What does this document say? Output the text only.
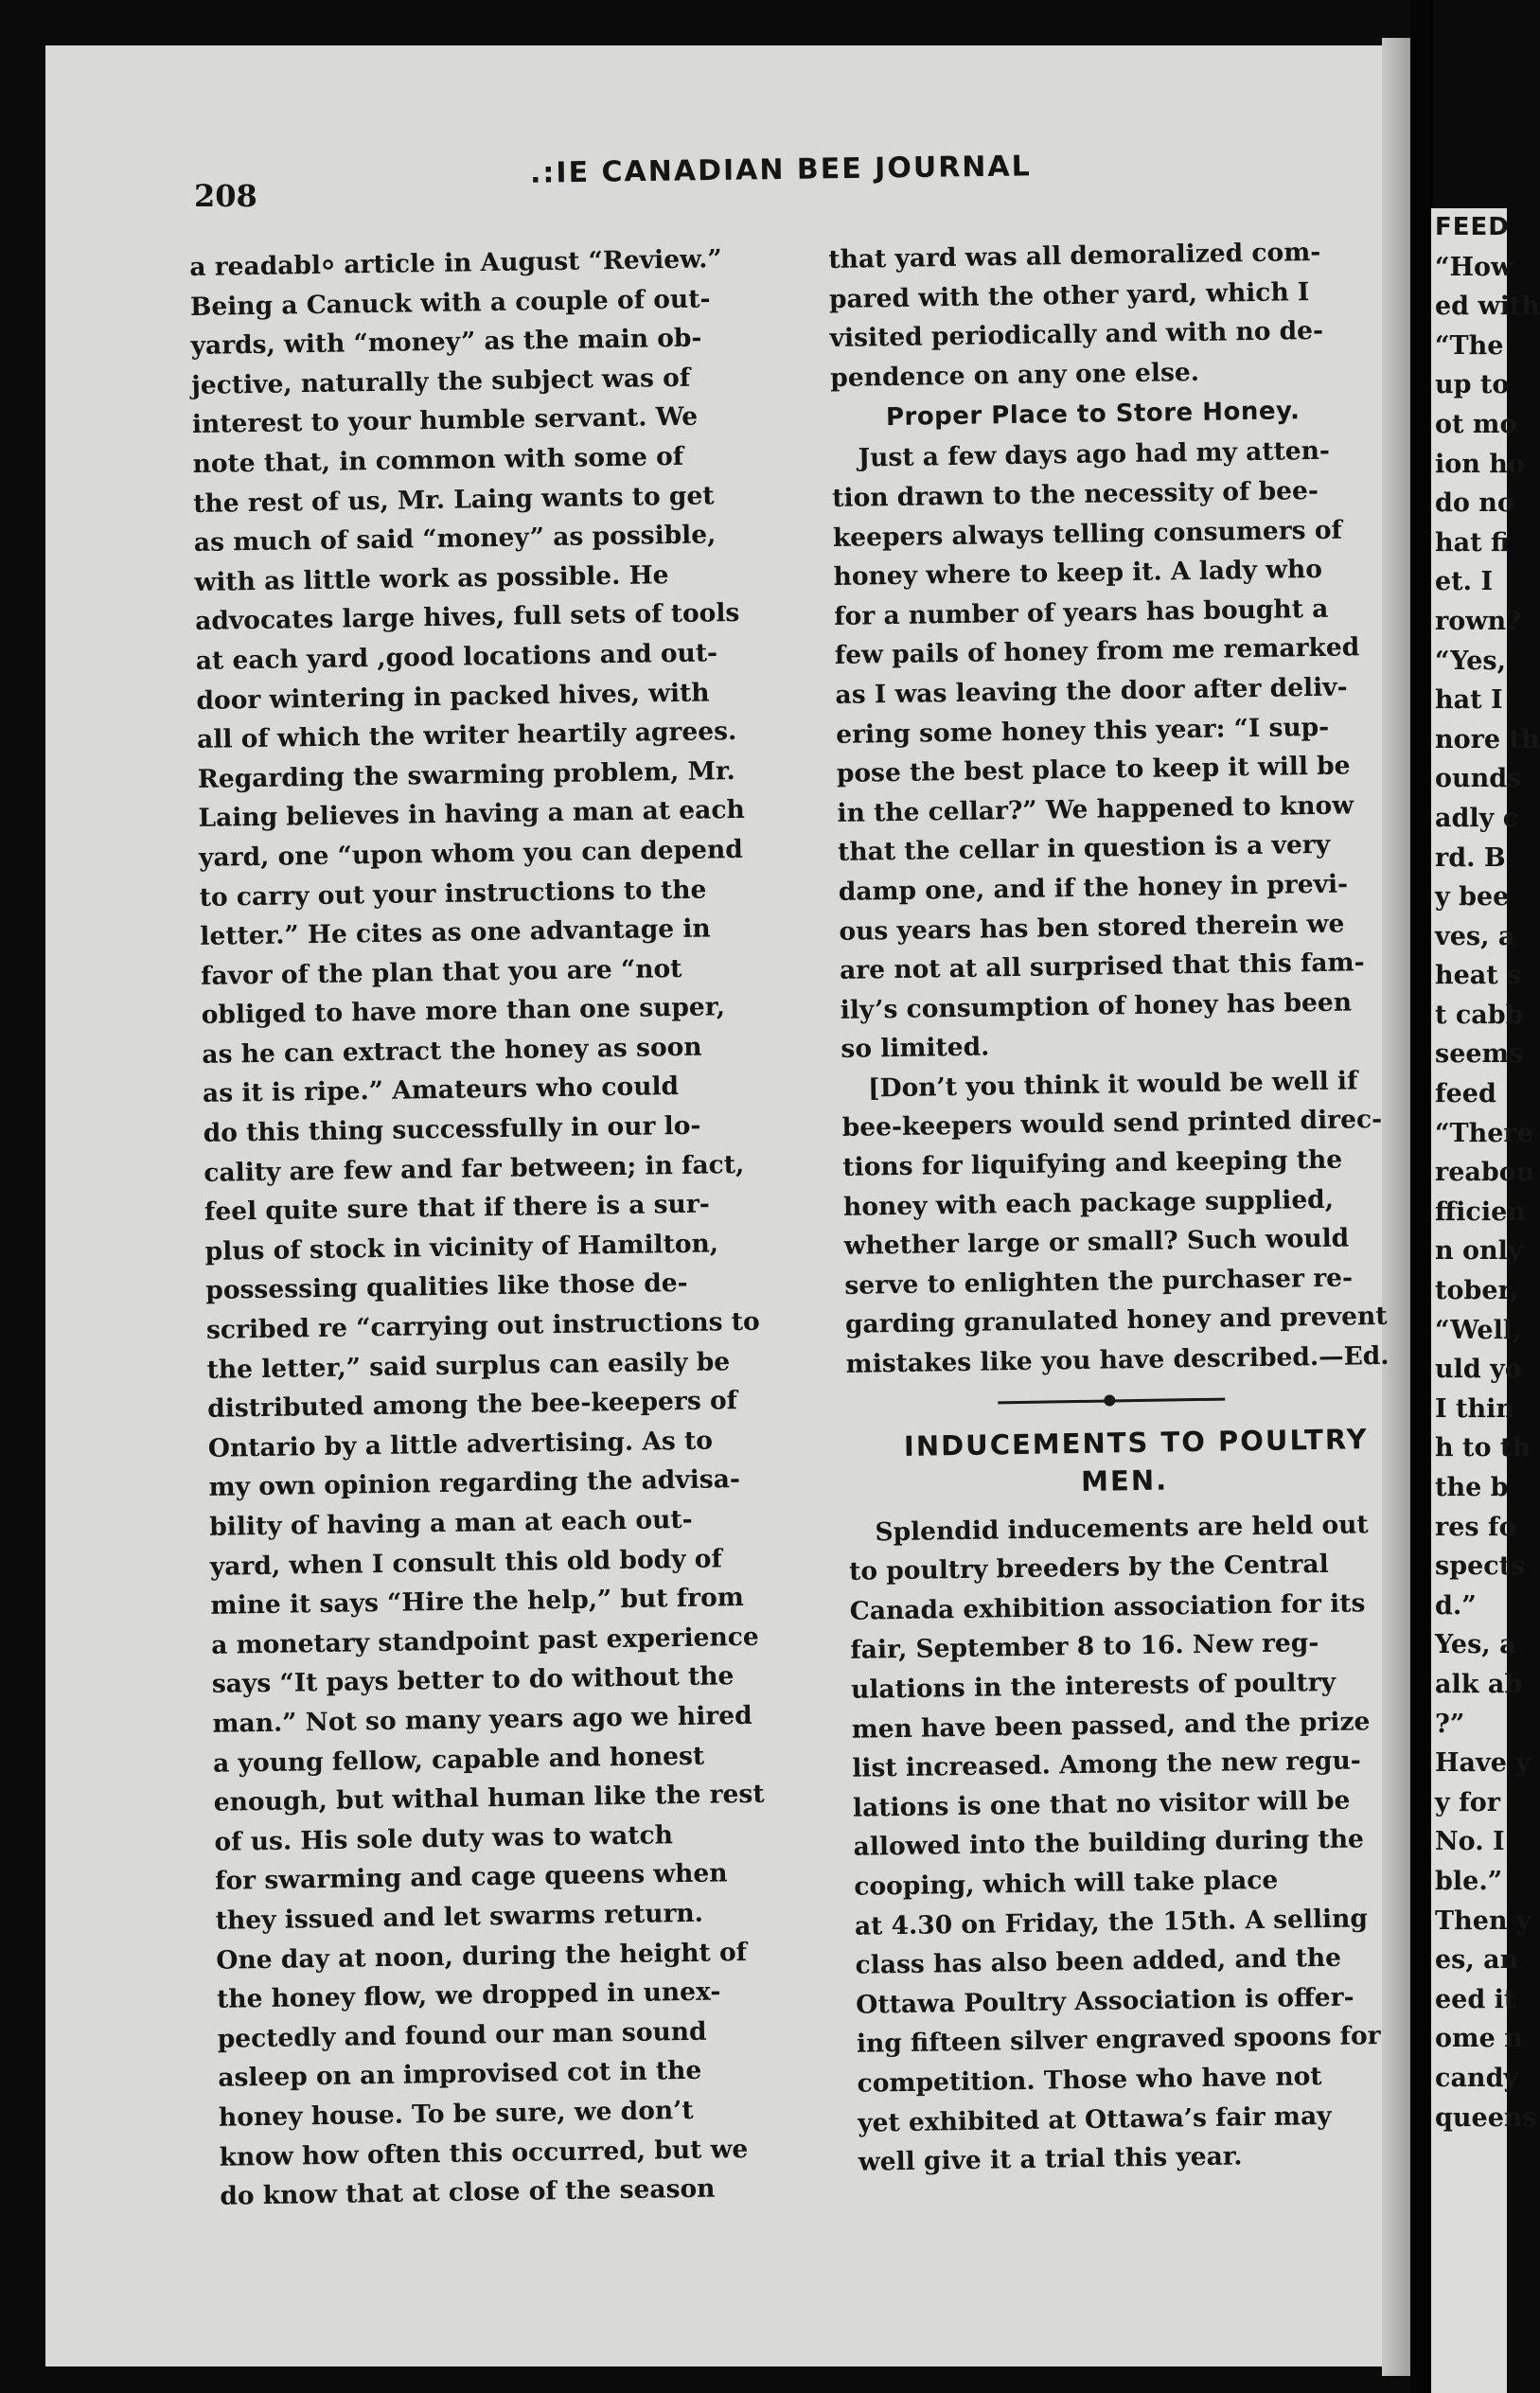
FEED
“How
ed with
“The
up to
ot mo
ion ho
do no
hat fi
et. I
rown?
“Yes,
hat I
nore th
ounds
adly c
rd. B
y bee
ves, a
heat s
t cabb
seems
feed
“There
reabou
fficien
n only
tober,
“Well,
uld yo
I thin
h to th
the b
res fo
spects
d.”
Yes, a
alk ab
?”
Have y
y for
No. I
ble.”
Then y
es, an
eed it
ome n
candy
queens
208
.:IE CANADIAN BEE JOURNAL
a readabl⸰ article in August “Review.”
Being a Canuck with a couple of out-
yards, with “money” as the main ob-
jective, naturally the subject was of
interest to your humble servant. We
note that, in common with some of
the rest of us, Mr. Laing wants to get
as much of said “money” as possible,
with as little work as possible. He
advocates large hives, full sets of tools
at each yard ,good locations and out-
door wintering in packed hives, with
all of which the writer heartily agrees.
Regarding the swarming problem, Mr.
Laing believes in having a man at each
yard, one “upon whom you can depend
to carry out your instructions to the
letter.” He cites as one advantage in
favor of the plan that you are “not
obliged to have more than one super,
as he can extract the honey as soon
as it is ripe.” Amateurs who could
do this thing successfully in our lo-
cality are few and far between; in fact,
feel quite sure that if there is a sur-
plus of stock in vicinity of Hamilton,
possessing qualities like those de-
scribed re “carrying out instructions to
the letter,” said surplus can easily be
distributed among the bee-keepers of
Ontario by a little advertising. As to
my own opinion regarding the advisa-
bility of having a man at each out-
yard, when I consult this old body of
mine it says “Hire the help,” but from
a monetary standpoint past experience
says “It pays better to do without the
man.” Not so many years ago we hired
a young fellow, capable and honest
enough, but withal human like the rest
of us. His sole duty was to watch
for swarming and cage queens when
they issued and let swarms return.
One day at noon, during the height of
the honey flow, we dropped in unex-
pectedly and found our man sound
asleep on an improvised cot in the
honey house. To be sure, we don’t
know how often this occurred, but we
do know that at close of the season
that yard was all demoralized com-
pared with the other yard, which I
visited periodically and with no de-
pendence on any one else.
Proper Place to Store Honey.
Just a few days ago had my atten-
tion drawn to the necessity of bee-
keepers always telling consumers of
honey where to keep it. A lady who
for a number of years has bought a
few pails of honey from me remarked
as I was leaving the door after deliv-
ering some honey this year: “I sup-
pose the best place to keep it will be
in the cellar?” We happened to know
that the cellar in question is a very
damp one, and if the honey in previ-
ous years has ben stored therein we
are not at all surprised that this fam-
ily’s consumption of honey has been
so limited.
[Don’t you think it would be well if
bee-keepers would send printed direc-
tions for liquifying and keeping the
honey with each package supplied,
whether large or small? Such would
serve to enlighten the purchaser re-
garding granulated honey and prevent
mistakes like you have described.—Ed.
INDUCEMENTS TO POULTRY
MEN.
Splendid inducements are held out
to poultry breeders by the Central
Canada exhibition association for its
fair, September 8 to 16. New reg-
ulations in the interests of poultry
men have been passed, and the prize
list increased. Among the new regu-
lations is one that no visitor will be
allowed into the building during the
cooping, which will take place
at 4.30 on Friday, the 15th. A selling
class has also been added, and the
Ottawa Poultry Association is offer-
ing fifteen silver engraved spoons for
competition. Those who have not
yet exhibited at Ottawa’s fair may
well give it a trial this year.
